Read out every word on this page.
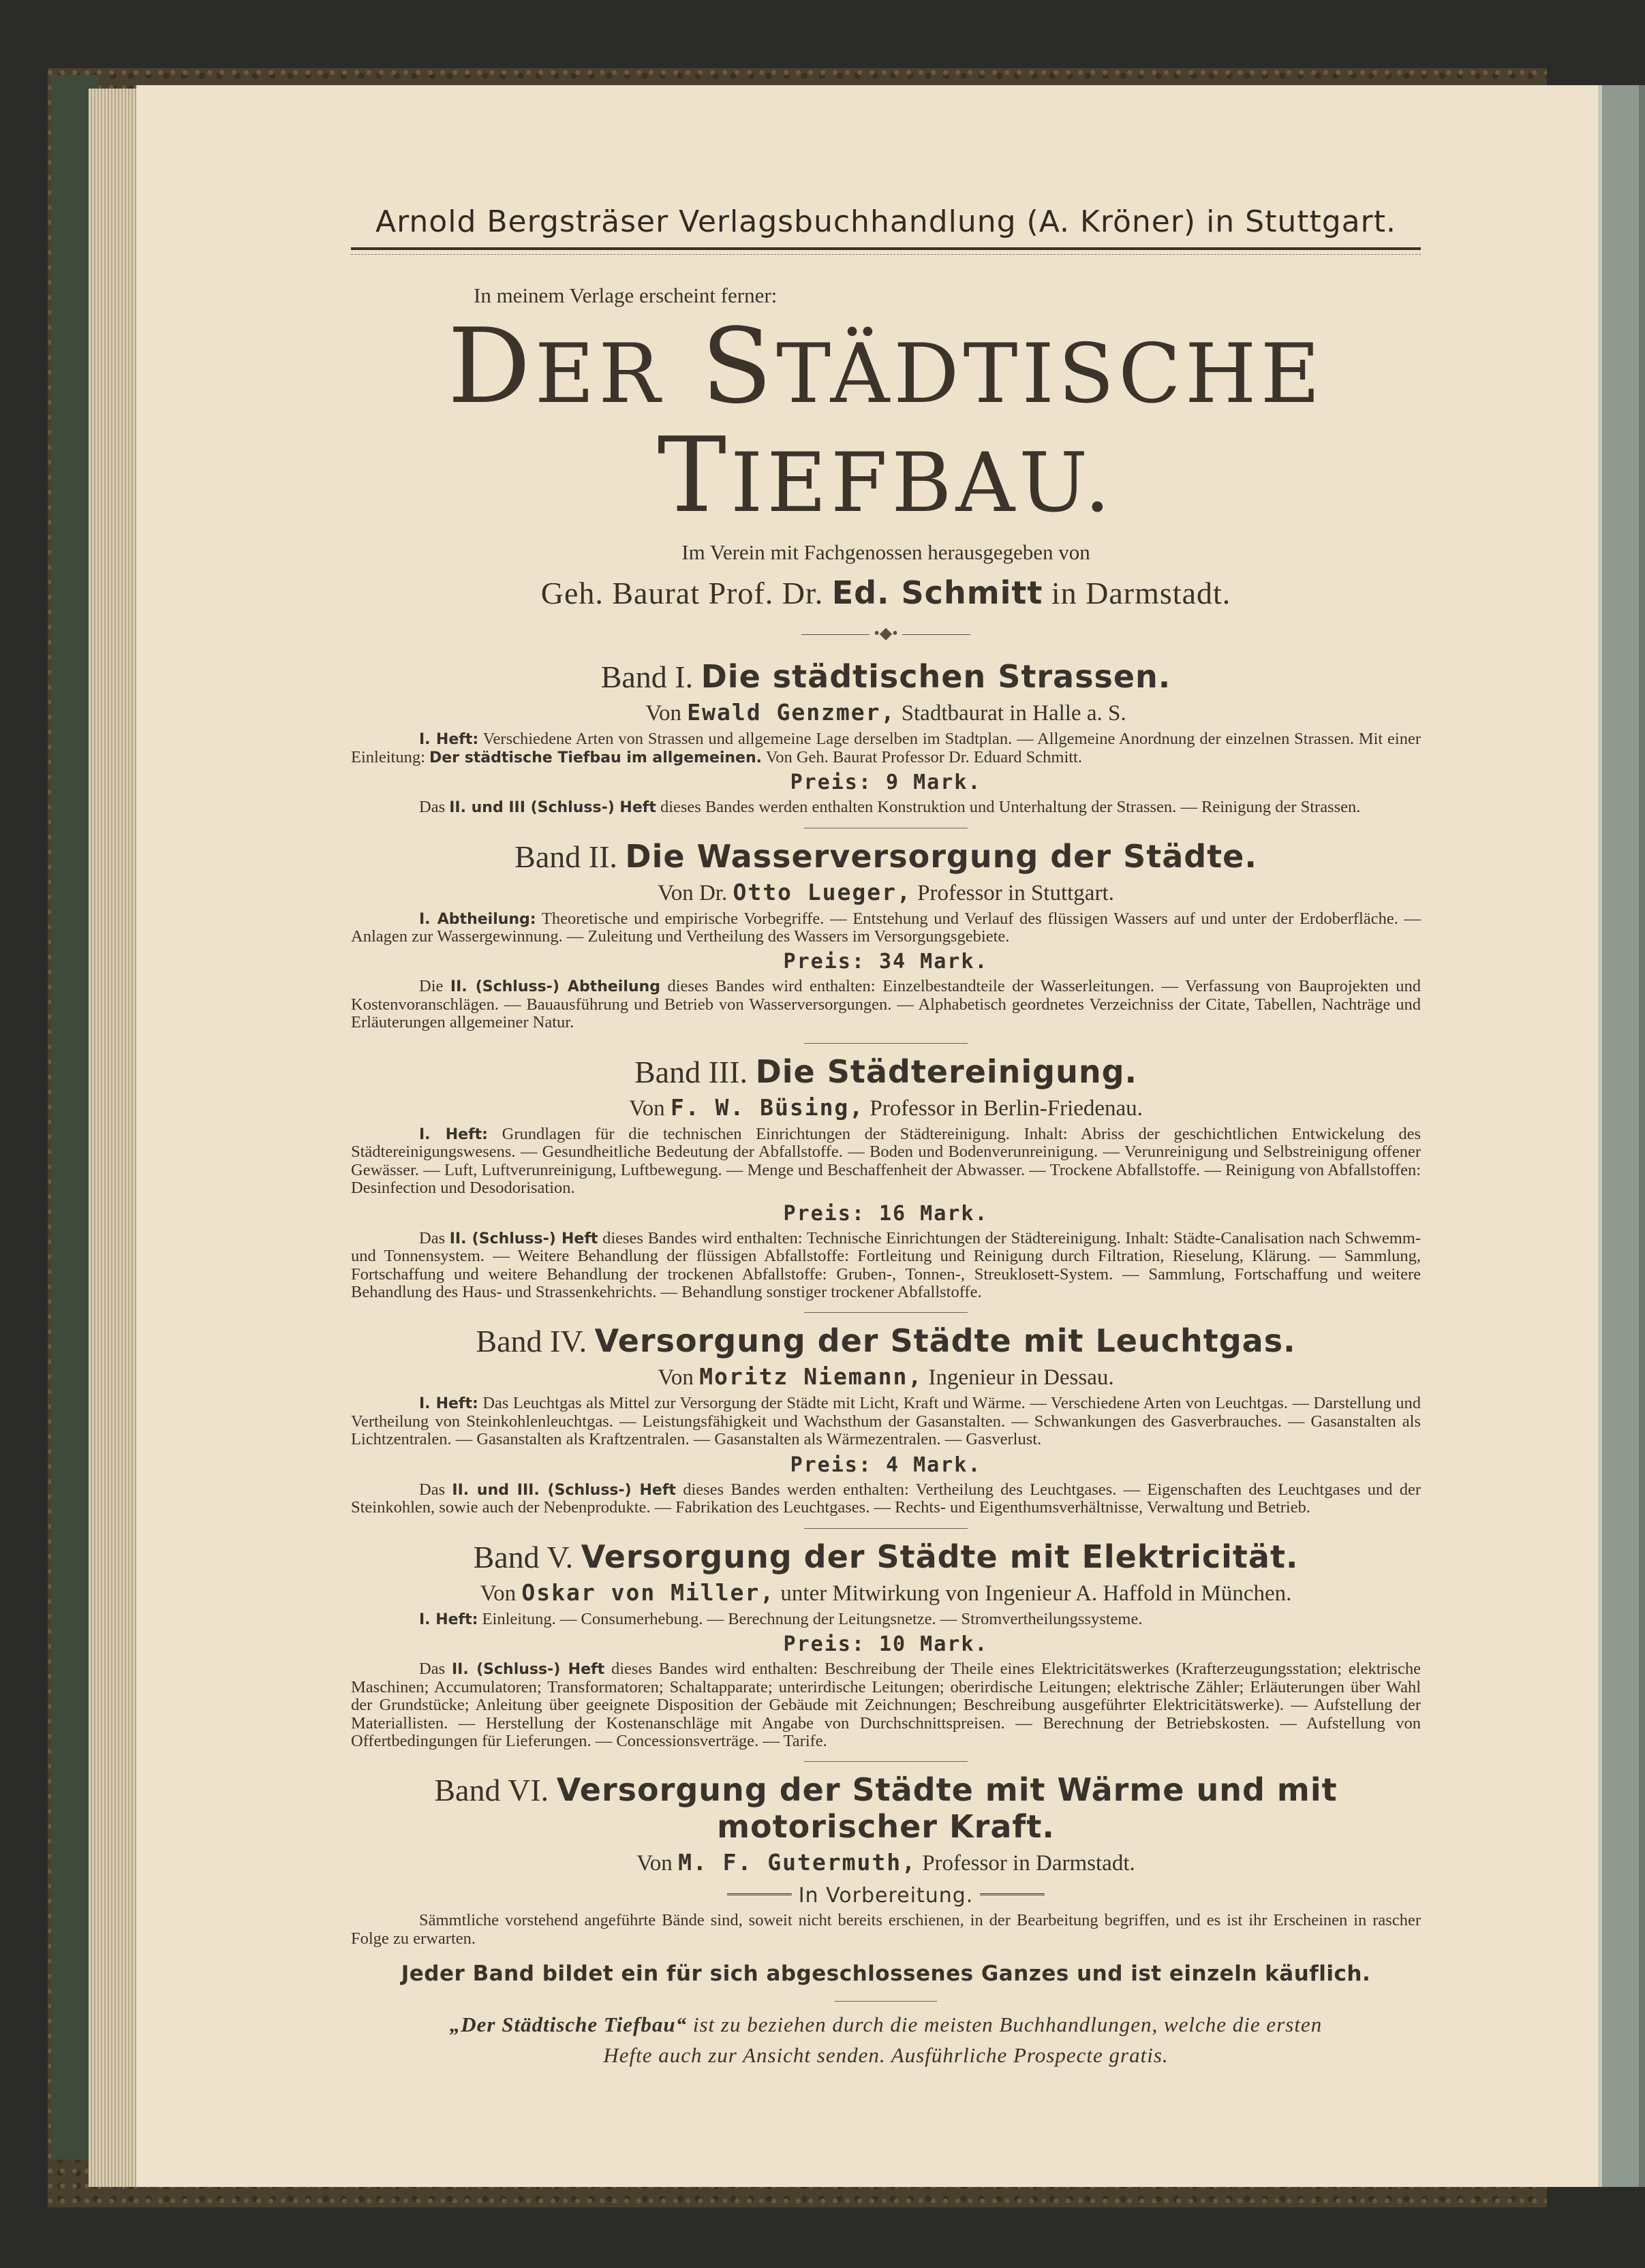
Arnold Bergsträser Verlagsbuchhandlung (A. Kröner) in Stuttgart.
In meinem Verlage erscheint ferner:
DER STÄDTISCHE TIEFBAU.
Im Verein mit Fachgenossen herausgegeben von
Geh. Baurat Prof. Dr. Ed. Schmitt in Darmstadt.
•◆•
Band I. Die städtischen Strassen.
Von Ewald Genzmer, Stadtbaurat in Halle a. S.

I. Heft: Verschiedene Arten von Strassen und allgemeine Lage derselben im Stadtplan. — Allgemeine Anordnung der einzelnen Strassen. Mit einer Einleitung: Der städtische Tiefbau im allgemeinen. Von Geh. Baurat Professor Dr. Eduard Schmitt.

Preis: 9 Mark.

Das II. und III (Schluss-) Heft dieses Bandes werden enthalten Konstruktion und Unterhaltung der Strassen. — Reinigung der Strassen.

Band II. Die Wasserversorgung der Städte.
Von Dr. Otto Lueger, Professor in Stuttgart.

I. Abtheilung: Theoretische und empirische Vorbegriffe. — Entstehung und Verlauf des flüssigen Wassers auf und unter der Erdoberfläche. — Anlagen zur Wassergewinnung. — Zuleitung und Vertheilung des Wassers im Versorgungsgebiete.

Preis: 34 Mark.

Die II. (Schluss-) Abtheilung dieses Bandes wird enthalten: Einzelbestandteile der Wasserleitungen. — Verfassung von Bauprojekten und Kostenvoranschlägen. — Bauausführung und Betrieb von Wasserversorgungen. — Alphabetisch geordnetes Verzeichniss der Citate, Tabellen, Nachträge und Erläuterungen allgemeiner Natur.

Band III. Die Städtereinigung.
Von F. W. Büsing, Professor in Berlin-Friedenau.

I. Heft: Grundlagen für die technischen Einrichtungen der Städtereinigung. Inhalt: Abriss der geschichtlichen Entwickelung des Städtereinigungswesens. — Gesundheitliche Bedeutung der Abfallstoffe. — Boden und Bodenverunreinigung. — Verunreinigung und Selbstreinigung offener Gewässer. — Luft, Luftverunreinigung, Luftbewegung. — Menge und Beschaffenheit der Abwasser. — Trockene Abfallstoffe. — Reinigung von Abfallstoffen: Desinfection und Desodorisation.

Preis: 16 Mark.

Das II. (Schluss-) Heft dieses Bandes wird enthalten: Technische Einrichtungen der Städtereinigung. Inhalt: Städte-Canalisation nach Schwemm- und Tonnensystem. — Weitere Behandlung der flüssigen Abfallstoffe: Fortleitung und Reinigung durch Filtration, Rieselung, Klärung. — Sammlung, Fortschaffung und weitere Behandlung der trockenen Abfallstoffe: Gruben-, Tonnen-, Streuklosett-System. — Sammlung, Fortschaffung und weitere Behandlung des Haus- und Strassenkehrichts. — Behandlung sonstiger trockener Abfallstoffe.

Band IV. Versorgung der Städte mit Leuchtgas.
Von Moritz Niemann, Ingenieur in Dessau.

I. Heft: Das Leuchtgas als Mittel zur Versorgung der Städte mit Licht, Kraft und Wärme. — Verschiedene Arten von Leuchtgas. — Darstellung und Vertheilung von Steinkohlenleuchtgas. — Leistungsfähigkeit und Wachsthum der Gasanstalten. — Schwankungen des Gasverbrauches. — Gasanstalten als Lichtzentralen. — Gasanstalten als Kraftzentralen. — Gasanstalten als Wärmezentralen. — Gasverlust.

Preis: 4 Mark.

Das II. und III. (Schluss-) Heft dieses Bandes werden enthalten: Vertheilung des Leuchtgases. — Eigenschaften des Leuchtgases und der Steinkohlen, sowie auch der Nebenprodukte. — Fabrikation des Leuchtgases. — Rechts- und Eigenthumsverhältnisse, Verwaltung und Betrieb.

Band V. Versorgung der Städte mit Elektricität.
Von Oskar von Miller, unter Mitwirkung von Ingenieur A. Haffold in München.

I. Heft: Einleitung. — Consumerhebung. — Berechnung der Leitungsnetze. — Stromvertheilungssysteme.

Preis: 10 Mark.

Das II. (Schluss-) Heft dieses Bandes wird enthalten: Beschreibung der Theile eines Elektricitätswerkes (Krafterzeugungsstation; elektrische Maschinen; Accumulatoren; Transformatoren; Schaltapparate; unterirdische Leitungen; oberirdische Leitungen; elektrische Zähler; Erläuterungen über Wahl der Grundstücke; Anleitung über geeignete Disposition der Gebäude mit Zeichnungen; Beschreibung ausgeführter Elektricitätswerke). — Aufstellung der Materiallisten. — Herstellung der Kostenanschläge mit Angabe von Durchschnittspreisen. — Berechnung der Betriebskosten. — Aufstellung von Offertbedingungen für Lieferungen. — Concessionsverträge. — Tarife.

Band VI. Versorgung der Städte mit Wärme und mit motorischer Kraft.
Von M. F. Gutermuth, Professor in Darmstadt.
In Vorbereitung.

Sämmtliche vorstehend angeführte Bände sind, soweit nicht bereits erschienen, in der Bearbeitung begriffen, und es ist ihr Erscheinen in rascher Folge zu erwarten.

Jeder Band bildet ein für sich abgeschlossenes Ganzes und ist einzeln käuflich.
„Der Städtische Tiefbau“ ist zu beziehen durch die meisten Buchhandlungen, welche die ersten
Hefte auch zur Ansicht senden. Ausführliche Prospecte gratis.
